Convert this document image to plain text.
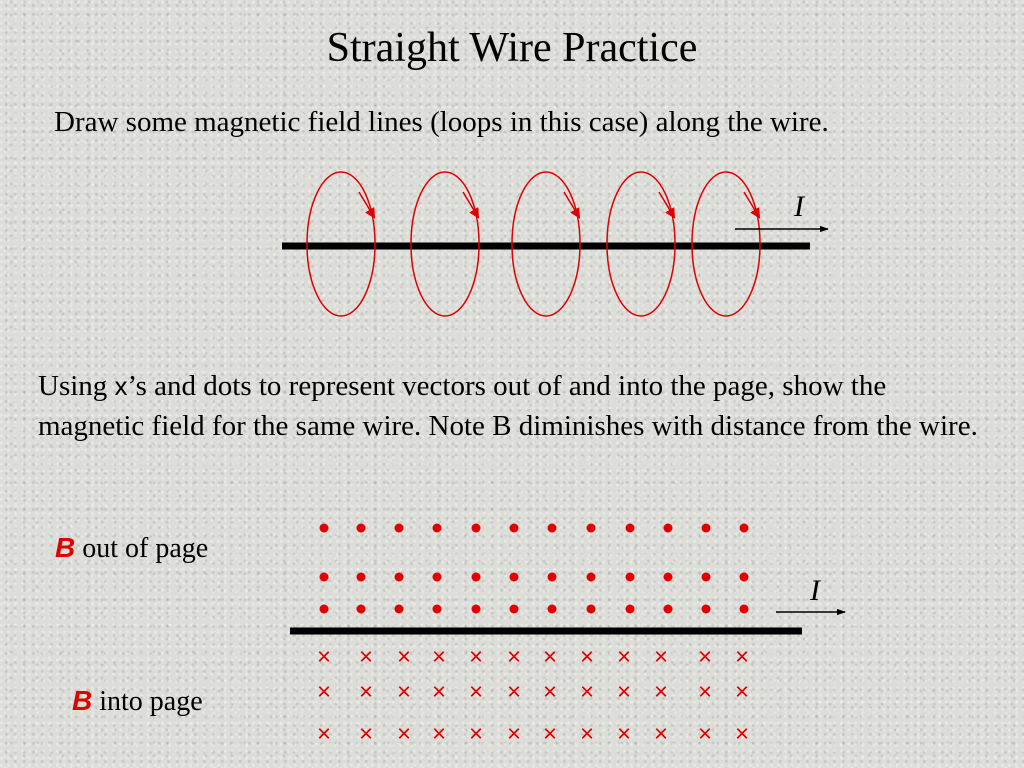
Straight Wire Practice
Draw some magnetic field lines (loops in this case) along the wire.
I
Using x’s and dots to represent vectors out of and into the page, show the magnetic field for the same wire. Note B diminishes with distance from the wire.
× × × × × × × × × × × ×
× × × × × × × × × × × ×
× × × × × × × × × × × ×
I
B out of page
B into page
